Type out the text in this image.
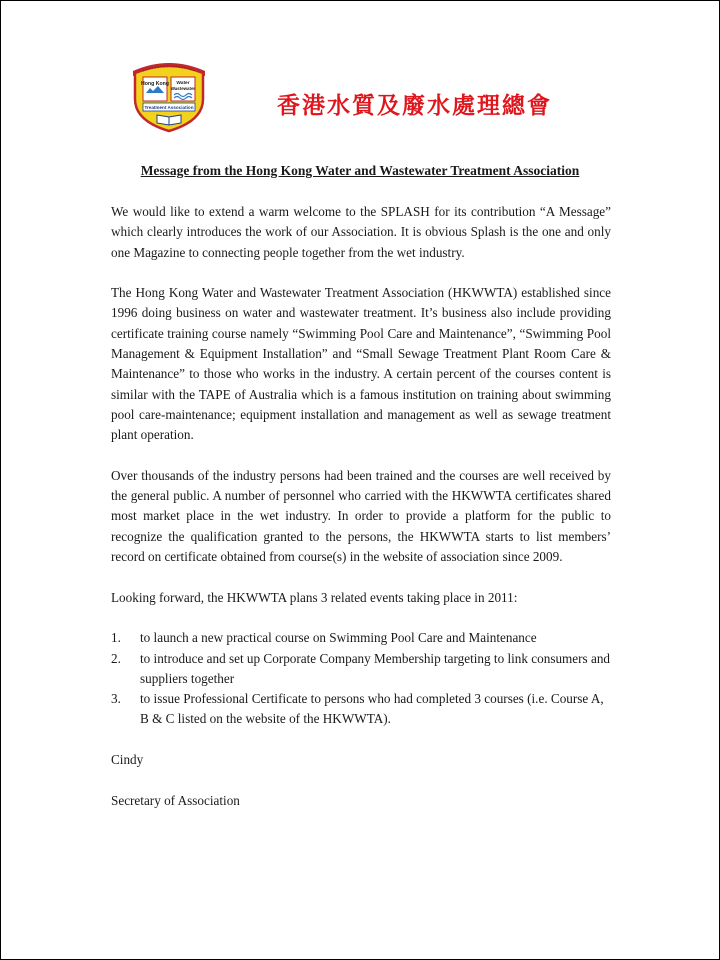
Hong Kong Water
Wastewater
Treatment Association	香港水質及廢水處理總會
Message from the Hong Kong Water and Wastewater Treatment Association

We would like to extend a warm welcome to the SPLASH for its contribution “A Message” which clearly introduces the work of our Association. It is obvious Splash is the one and only one Magazine to connecting people together from the wet industry.

The Hong Kong Water and Wastewater Treatment Association (HKWWTA) established since 1996 doing business on water and wastewater treatment. It’s business also include providing certificate training course namely “Swimming Pool Care and Maintenance”, “Swimming Pool Management & Equipment Installation” and “Small Sewage Treatment Plant Room Care & Maintenance” to those who works in the industry. A certain percent of the courses content is similar with the TAPE of Australia which is a famous institution on training about swimming pool care-maintenance; equipment installation and management as well as sewage treatment plant operation.

Over thousands of the industry persons had been trained and the courses are well received by the general public. A number of personnel who carried with the HKWWTA certificates shared most market place in the wet industry. In order to provide a platform for the public to recognize the qualification granted to the persons, the HKWWTA starts to list members’ record on certificate obtained from course(s) in the website of association since 2009.

Looking forward, the HKWWTA plans 3 related events taking place in 2011:

1. to launch a new practical course on Swimming Pool Care and Maintenance
2. to introduce and set up Corporate Company Membership targeting to link consumers and suppliers together
3. to issue Professional Certificate to persons who had completed 3 courses (i.e. Course A, B & C listed on the website of the HKWWTA).

Cindy

Secretary of Association
